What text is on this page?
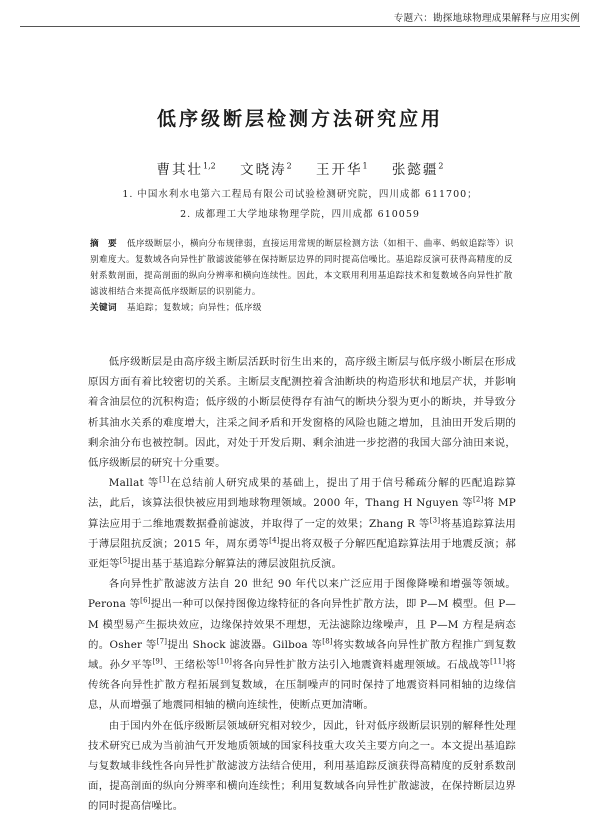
专题六：勘探地球物理成果解释与应用实例
低序级断层检测方法研究应用
曹其壮$^{1,2}$ 文晓涛$^2$ 王开华$^1$ 张懿疆$^2$
1. 中国水利水电第六工程局有限公司试验检测研究院，四川成都 611700；
2. 成都理工大学地球物理学院，四川成都 610059
摘　要 低序级断层小，横向分布规律弱，直接运用常规的断层检测方法（如相干、曲率、蚂蚁追踪等）识别难度大。复数域各向异性扩散滤波能够在保持断层边界的同时提高信噪比。基追踪反演可获得高精度的反射系数剖面，提高剖面的纵向分辨率和横向连续性。因此，本文联用利用基追踪技术和复数域各向异性扩散滤波相结合来提高低序级断层的识别能力。
关键词 基追踪；复数域；向异性；低序级

低序级断层是由高序级主断层活跃时衍生出来的，高序级主断层与低序级小断层在形成原因方面有着比较密切的关系。主断层支配测控着含油断块的构造形状和地层产状，并影响着含油层位的沉积构造；低序级的小断层使得存有油气的断块分裂为更小的断块，并导致分析其油水关系的难度增大，注采之间矛盾和开发窗格的风险也随之增加，且油田开发后期的剩余油分布也被控制。因此，对处于开发后期、剩余油进一步挖潜的我国大部分油田来说，低序级断层的研究十分重要。

Mallat 等[1]在总结前人研究成果的基础上，提出了用于信号稀疏分解的匹配追踪算法，此后，该算法很快被应用到地球物理领域。2000 年，Thang H Nguyen 等[2]将 MP 算法应用于二维地震数据叠前滤波，并取得了一定的效果；Zhang R 等[3]将基追踪算法用于薄层阻抗反演；2015 年，周东勇等[4]提出将双极子分解匹配追踪算法用于地震反演；郝亚炬等[5]提出基于基追踪分解算法的薄层波阻抗反演。

各向异性扩散滤波方法自 20 世纪 90 年代以来广泛应用于图像降噪和增强等领域。Perona 等[6]提出一种可以保持图像边缘特征的各向异性扩散方法，即 P—M 模型。但 P—M 模型易产生振块效应，边缘保持效果不理想，无法滤除边缘噪声，且 P—M 方程是病态的。Osher 等[7]提出 Shock 滤波器。Gilboa 等[8]将实数域各向异性扩散方程推广到复数域。孙夕平等[9]、王绪松等[10]将各向异性扩散方法引入地震資料處理领域。石战战等[11]将传统各向异性扩散方程拓展到复数域，在压制噪声的同时保持了地震资料同相轴的边缘信息，从而增强了地震同相轴的横向连续性，使断点更加清晰。

由于国内外在低序级断层领域研究相对较少，因此，针对低序级断层识别的解释性处理技术研究已成为当前油气开发地质领域的国家科技重大攻关主要方向之一。本文提出基追踪与复数域非线性各向异性扩散滤波方法结合使用，利用基追踪反演获得高精度的反射系数剖面，提高剖面的纵向分辨率和横向连续性；利用复数域各向异性扩散滤波，在保持断层边界的同时提高信噪比。
